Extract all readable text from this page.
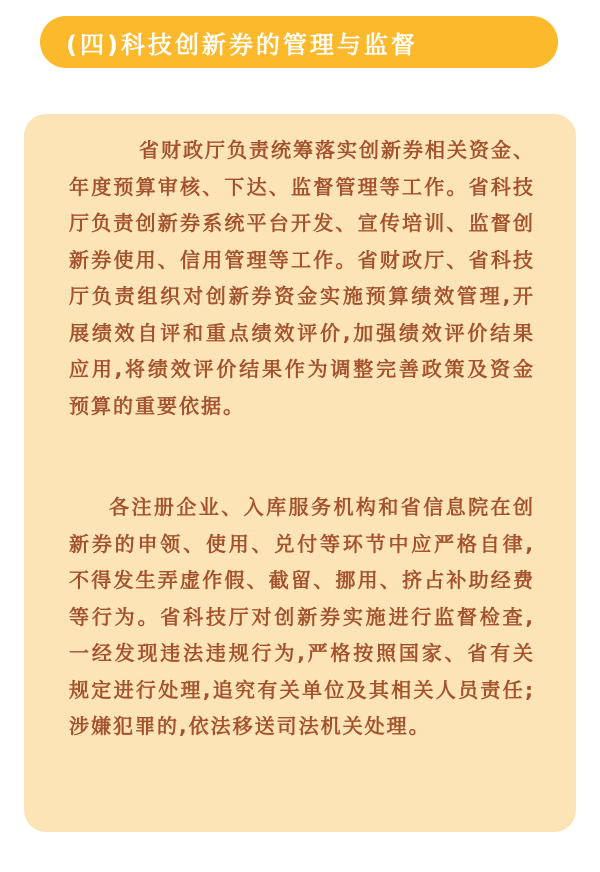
(四)科技创新券的管理与监督

省财政厅负责统筹落实创新券相关资金、年度预算审核、下达、监督管理等工作。省科技厅负责创新券系统平台开发、宣传培训、监督创新券使用、信用管理等工作。省财政厅、省科技厅负责组织对创新券资金实施预算绩效管理,开展绩效自评和重点绩效评价,加强绩效评价结果应用,将绩效评价结果作为调整完善政策及资金预算的重要依据。

各注册企业、入库服务机构和省信息院在创新券的申领、使用、兑付等环节中应严格自律,不得发生弄虚作假、截留、挪用、挤占补助经费等行为。省科技厅对创新券实施进行监督检查,一经发现违法违规行为,严格按照国家、省有关规定进行处理,追究有关单位及其相关人员责任;涉嫌犯罪的,依法移送司法机关处理。
